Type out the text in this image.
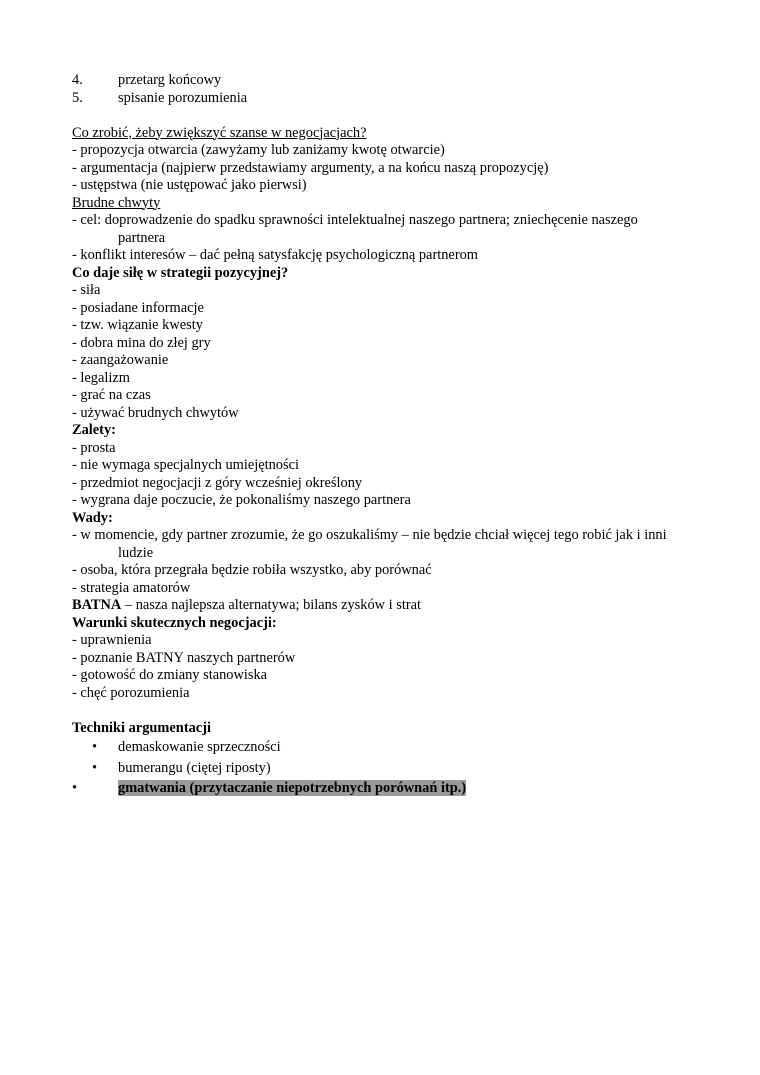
4. przetarg końcowy
5. spisanie porozumienia
Co zrobić, żeby zwiększyć szanse w negocjacjach?
- propozycja otwarcia (zawyżamy lub zaniżamy kwotę otwarcie)
- argumentacja (najpierw przedstawiamy argumenty, a na końcu naszą propozycję)
- ustępstwa (nie ustępować jako pierwsi)
Brudne chwyty
- cel: doprowadzenie do spadku sprawności intelektualnej naszego partnera; zniechęcenie naszego partnera
- konflikt interesów – dać pełną satysfakcję psychologiczną partnerom
Co daje siłę w strategii pozycyjnej?
- siła
- posiadane informacje
- tzw. wiązanie kwesty
- dobra mina do złej gry
- zaangażowanie
- legalizm
- grać na czas
- używać brudnych chwytów
Zalety:
- prosta
- nie wymaga specjalnych umiejętności
- przedmiot negocjacji z góry wcześniej określony
- wygrana daje poczucie, że pokonaliśmy naszego partnera
Wady:
- w momencie, gdy partner zrozumie, że go oszukaliśmy – nie będzie chciał więcej tego robić jak i inni ludzie
- osoba, która przegrała będzie robiła wszystko, aby porównać
- strategia amatorów
BATNA – nasza najlepsza alternatywa; bilans zysków i strat
Warunki skutecznych negocjacji:
- uprawnienia
- poznanie BATNY naszych partnerów
- gotowość do zmiany stanowiska
- chęć porozumienia
Techniki argumentacji
• demaskowanie sprzeczności
• bumerangu (ciętej riposty)
•	gmatwania (przytaczanie niepotrzebnych porównań itp.)
